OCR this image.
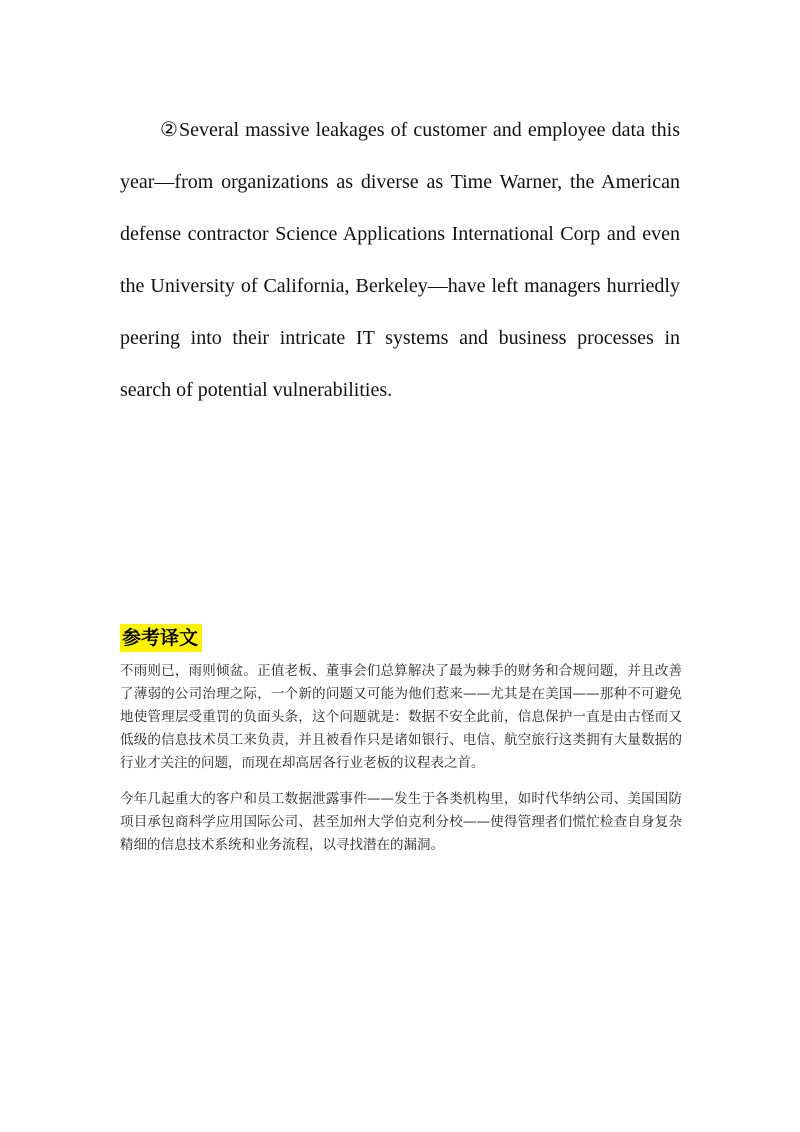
②Several massive leakages of customer and employee data this year—from organizations as diverse as Time Warner, the American defense contractor Science Applications International Corp and even the University of California, Berkeley—have left managers hurriedly peering into their intricate IT systems and business processes in search of potential vulnerabilities.

参考译文

不雨则已，雨则倾盆。正值老板、董事会们总算解决了最为棘手的财务和合规问题，并且改善了薄弱的公司治理之际，一个新的问题又可能为他们惹来——尤其是在美国——那种不可避免地使管理层受重罚的负面头条，这个问题就是：数据不安全此前，信息保护一直是由古怪而又低级的信息技术员工来负责，并且被看作只是诸如银行、电信、航空旅行这类拥有大量数据的行业才关注的问题，而现在却高居各行业老板的议程表之首。

今年几起重大的客户和员工数据泄露事件——发生于各类机构里，如时代华纳公司、美国国防项目承包商科学应用国际公司、甚至加州大学伯克利分校——使得管理者们慌忙检查自身复杂精细的信息技术系统和业务流程，以寻找潜在的漏洞。
